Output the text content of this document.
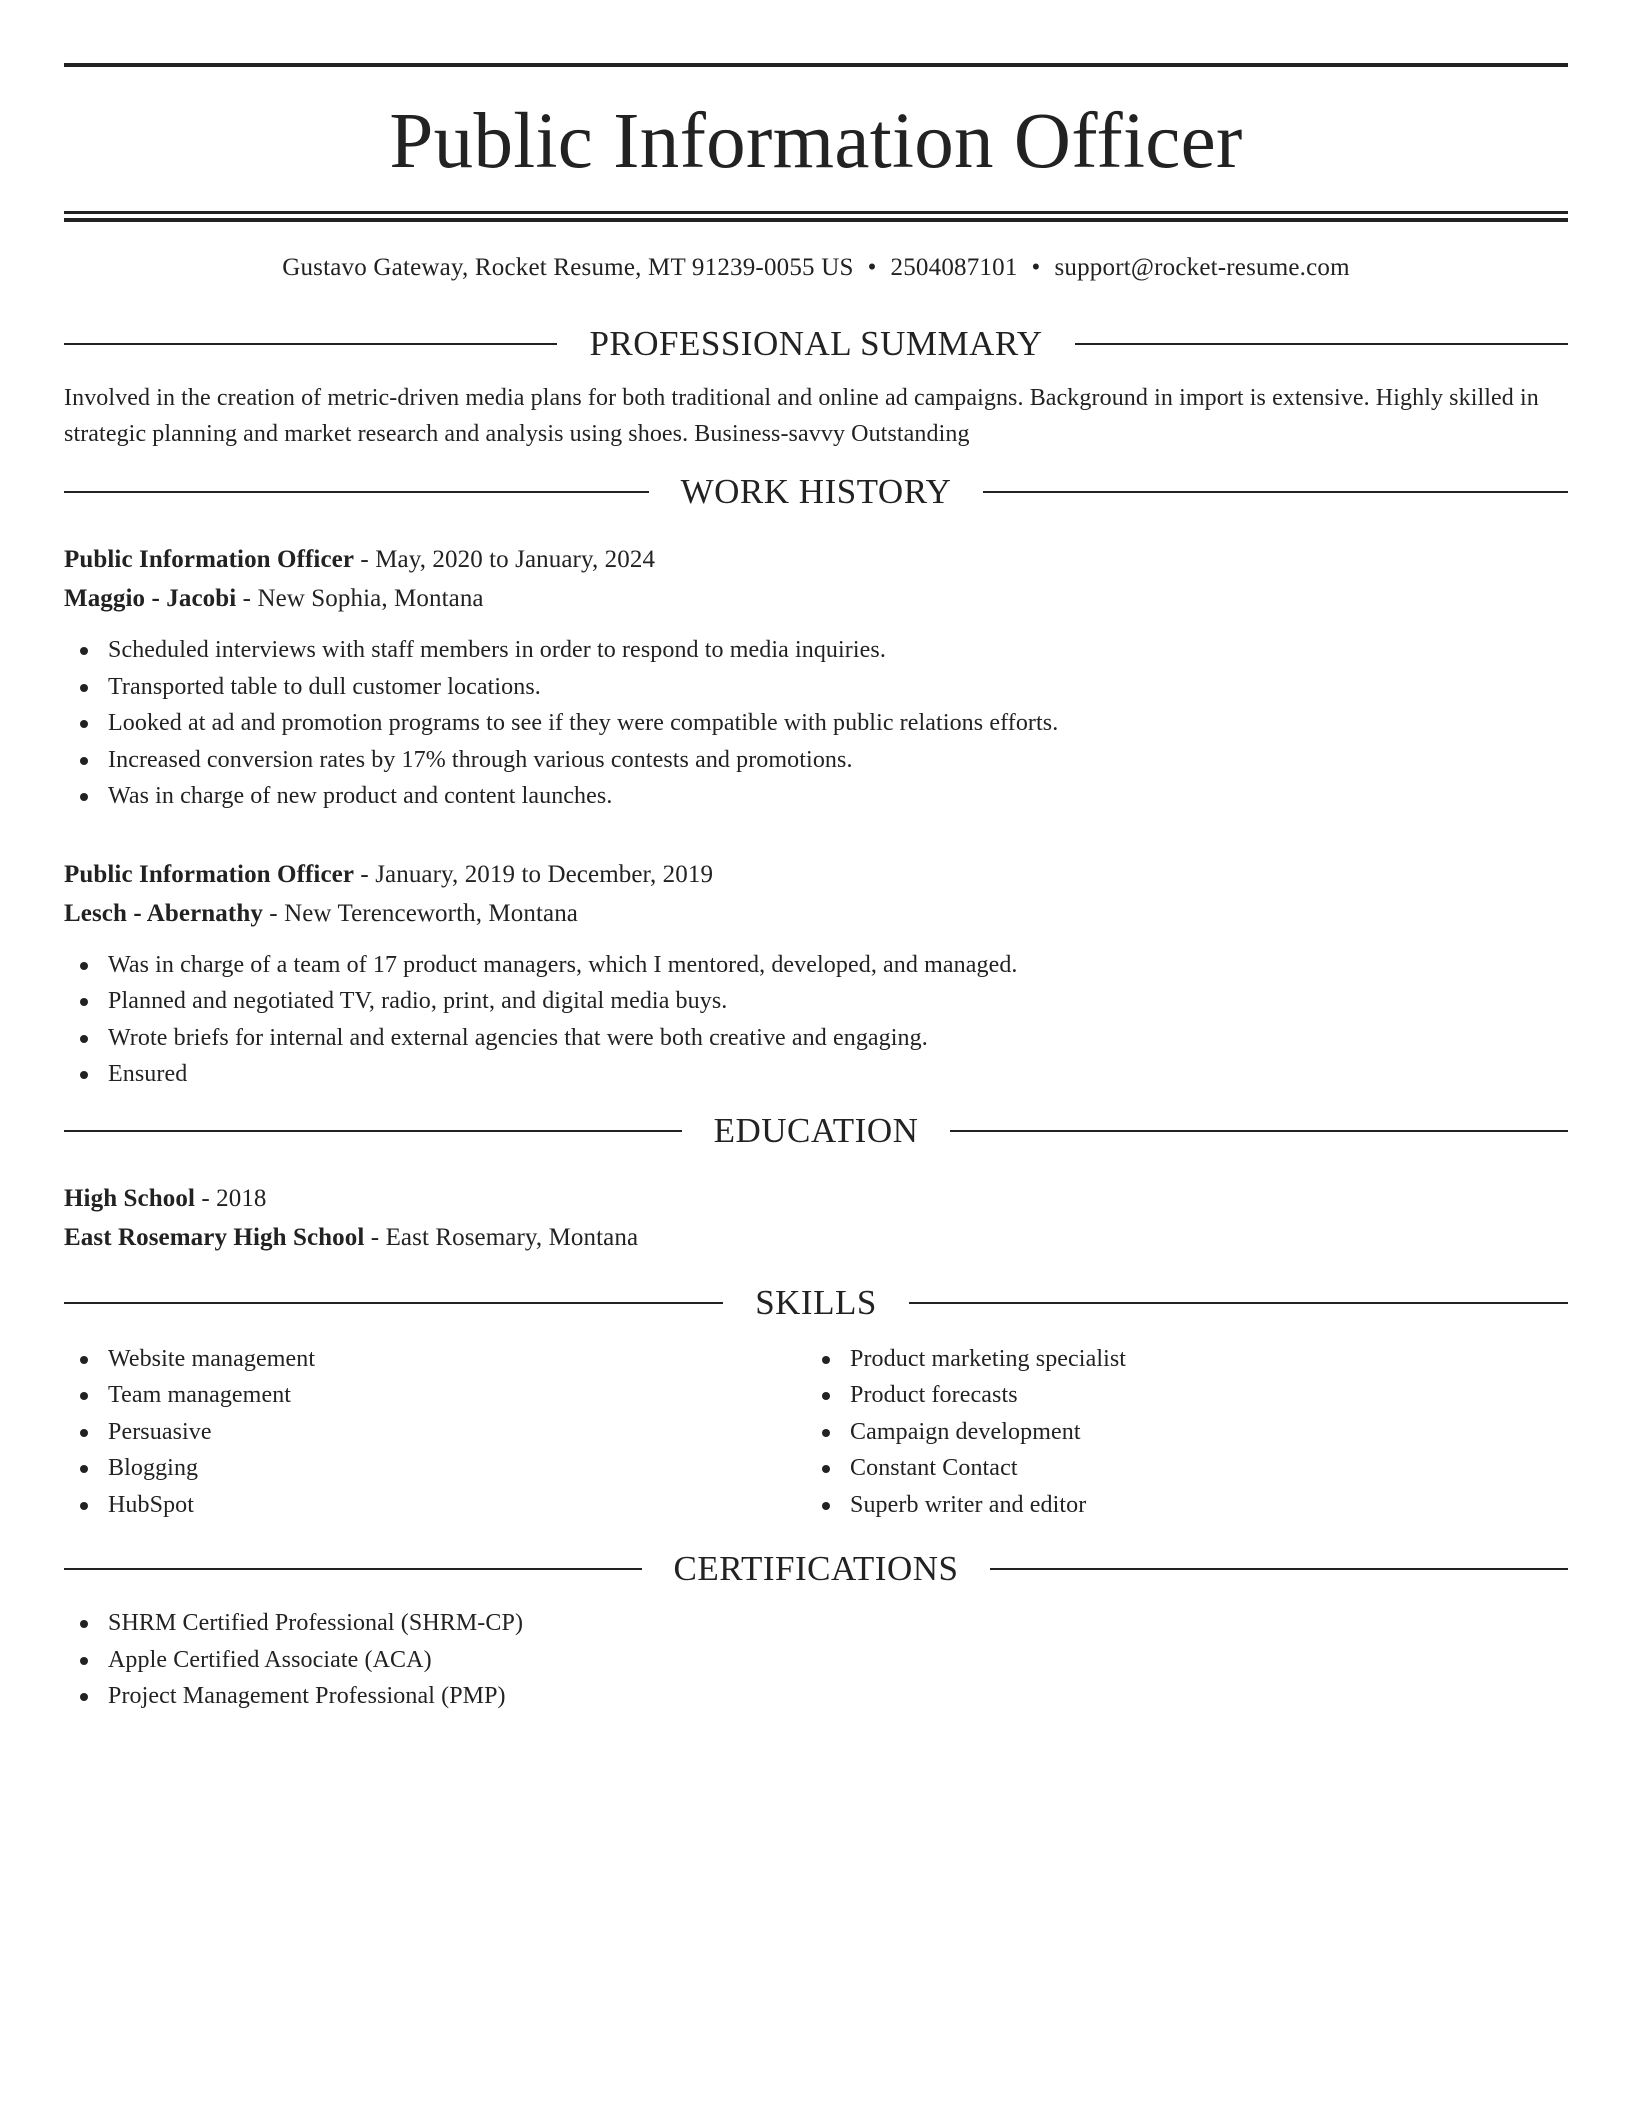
Public Information Officer
Gustavo Gateway, Rocket Resume, MT 91239-0055 US • 2504087101 • support@rocket-resume.com
PROFESSIONAL SUMMARY
Involved in the creation of metric-driven media plans for both traditional and online ad campaigns. Background in import is extensive. Highly skilled in strategic planning and market research and analysis using shoes. Business-savvy Outstanding
WORK HISTORY
Public Information Officer - May, 2020 to January, 2024
Maggio - Jacobi - New Sophia, Montana
Scheduled interviews with staff members in order to respond to media inquiries.
Transported table to dull customer locations.
Looked at ad and promotion programs to see if they were compatible with public relations efforts.
Increased conversion rates by 17% through various contests and promotions.
Was in charge of new product and content launches.
Public Information Officer - January, 2019 to December, 2019
Lesch - Abernathy - New Terenceworth, Montana
Was in charge of a team of 17 product managers, which I mentored, developed, and managed.
Planned and negotiated TV, radio, print, and digital media buys.
Wrote briefs for internal and external agencies that were both creative and engaging.
Ensured
EDUCATION
High School - 2018
East Rosemary High School - East Rosemary, Montana
SKILLS
Website management
Team management
Persuasive
Blogging
HubSpot
Product marketing specialist
Product forecasts
Campaign development
Constant Contact
Superb writer and editor
CERTIFICATIONS
SHRM Certified Professional (SHRM-CP)
Apple Certified Associate (ACA)
Project Management Professional (PMP)
